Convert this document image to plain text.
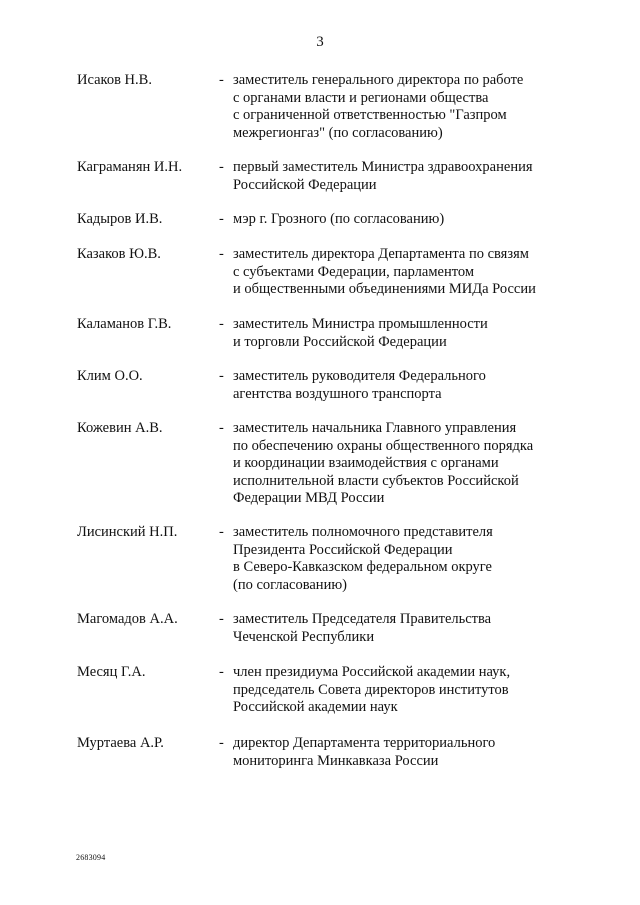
3
Исаков Н.В.	- заместитель генерального директора по работе
с органами власти и регионами общества
с ограниченной ответственностью "Газпром
межрегионгаз" (по согласованию)
Каграманян И.Н.	- первый заместитель Министра здравоохранения
Российской Федерации
Кадыров И.В.	- мэр г. Грозного (по согласованию)
Казаков Ю.В.	- заместитель директора Департамента по связям
с субъектами Федерации, парламентом
и общественными объединениями МИДа России
Каламанов Г.В.	- заместитель Министра промышленности
и торговли Российской Федерации
Клим О.О.	- заместитель руководителя Федерального
агентства воздушного транспорта
Кожевин А.В.	- заместитель начальника Главного управления
по обеспечению охраны общественного порядка
и координации взаимодействия с органами
исполнительной власти субъектов Российской
Федерации МВД России
Лисинский Н.П.	- заместитель полномочного представителя
Президента Российской Федерации
в Северо-Кавказском федеральном округе
(по согласованию)
Магомадов А.А.	- заместитель Председателя Правительства
Чеченской Республики
Месяц Г.А.	- член президиума Российской академии наук,
председатель Совета директоров институтов
Российской академии наук
Муртаева А.Р.	- директор Департамента территориального
мониторинга Минкавказа России
2683094
